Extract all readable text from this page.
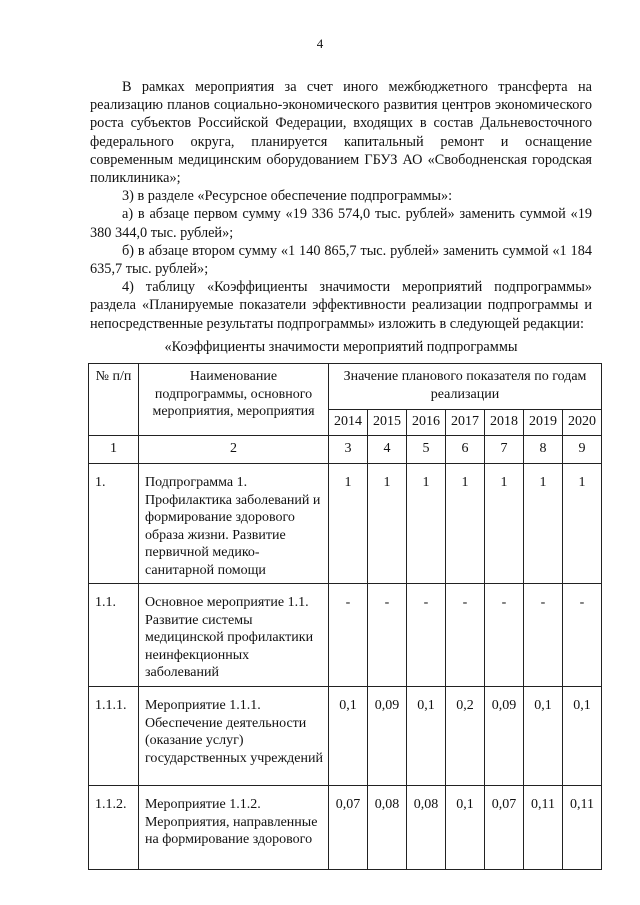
4

В рамках мероприятия за счет иного межбюджетного трансферта на реализацию планов социально-экономического развития центров экономического роста субъектов Российской Федерации, входящих в состав Дальневосточного федерального округа, планируется капитальный ремонт и оснащение современным медицинским оборудованием ГБУЗ АО «Свободненская городская поликлиника»;

3) в разделе «Ресурсное обеспечение подпрограммы»:

а) в абзаце первом сумму «19 336 574,0 тыс. рублей» заменить суммой «19 380 344,0 тыс. рублей»;

б) в абзаце втором сумму «1 140 865,7 тыс. рублей» заменить суммой «1 184 635,7 тыс. рублей»;

4) таблицу «Коэффициенты значимости мероприятий подпрограммы» раздела «Планируемые показатели эффективности реализации подпрограммы и непосредственные результаты подпрограммы» изложить в следующей редакции:

«Коэффициенты значимости мероприятий подпрограммы
№ п/п	Наименование подпрограммы, основного мероприятия, мероприятия	Значение планового показателя по годам реализации						
		2014	2015	2016	2017	2018	2019	2020
1	2	3	4	5	6	7	8	9
1.	Подпрограмма 1. Профилактика заболеваний и формирование здорового образа жизни. Развитие первичной медико-санитарной помощи	1	1	1	1	1	1	1
1.1.	Основное мероприятие 1.1. Развитие системы медицинской профилактики неинфекционных заболеваний	-	-	-	-	-	-	-
1.1.1.	Мероприятие 1.1.1. Обеспечение деятельности (оказание услуг) государственных учреждений	0,1	0,09	0,1	0,2	0,09	0,1	0,1
1.1.2.	Мероприятие 1.1.2. Мероприятия, направленные на формирование здорового	0,07	0,08	0,08	0,1	0,07	0,11	0,11
